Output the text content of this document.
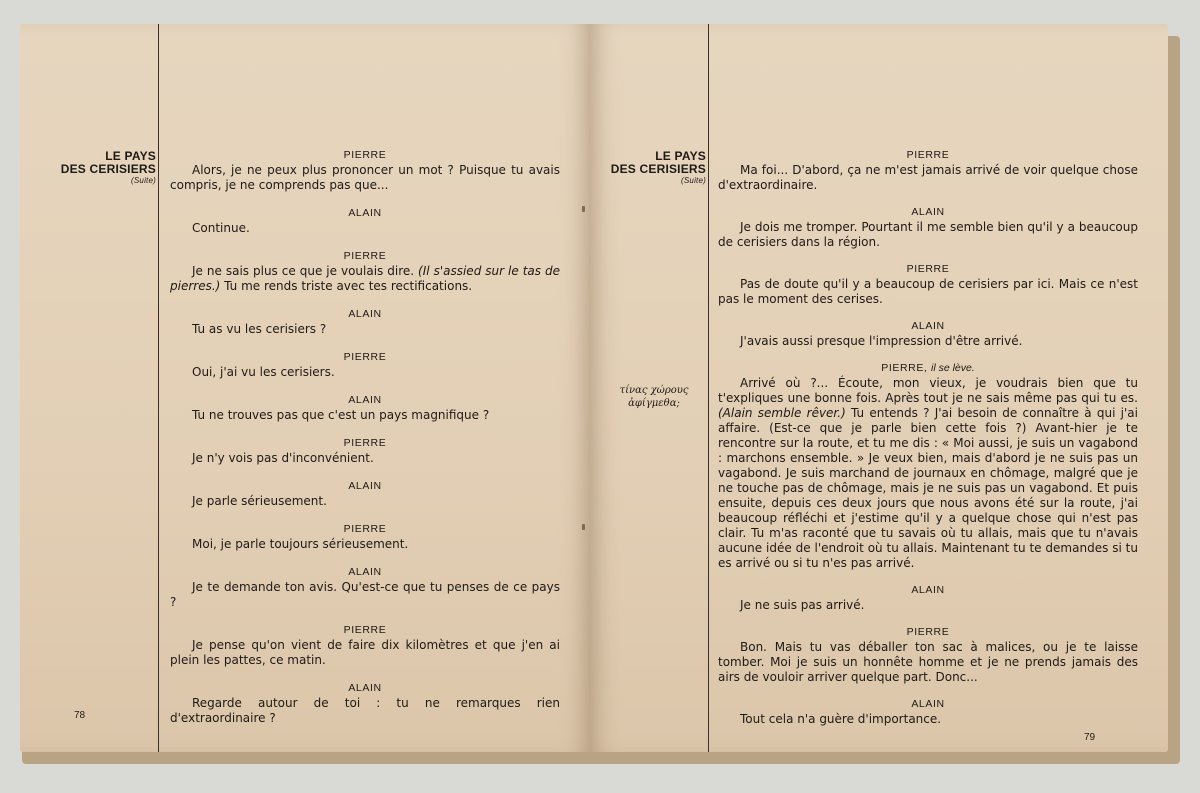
LE PAYS
DES CERISIERS
(Suite)
PIERRE
Alors, je ne peux plus prononcer un mot ? Puisque tu avais compris, je ne comprends pas que...
ALAIN
Continue.
PIERRE
Je ne sais plus ce que je voulais dire. (Il s'assied sur le tas de pierres.) Tu me rends triste avec tes rectifications.
ALAIN
Tu as vu les cerisiers ?
PIERRE
Oui, j'ai vu les cerisiers.
ALAIN
Tu ne trouves pas que c'est un pays magnifique ?
PIERRE
Je n'y vois pas d'inconvénient.
ALAIN
Je parle sérieusement.
PIERRE
Moi, je parle toujours sérieusement.
ALAIN
Je te demande ton avis. Qu'est-ce que tu penses de ce pays ?
PIERRE
Je pense qu'on vient de faire dix kilomètres et que j'en ai plein les pattes, ce matin.
ALAIN
Regarde autour de toi : tu ne remarques rien d'extraordinaire ?
78
LE PAYS
DES CERISIERS
(Suite)
τίνας χώρους ἀφίγμεθα;
PIERRE
Ma foi... D'abord, ça ne m'est jamais arrivé de voir quelque chose d'extraordinaire.
ALAIN
Je dois me tromper. Pourtant il me semble bien qu'il y a beaucoup de cerisiers dans la région.
PIERRE
Pas de doute qu'il y a beaucoup de cerisiers par ici. Mais ce n'est pas le moment des cerises.
ALAIN
J'avais aussi presque l'impression d'être arrivé.
PIERRE, il se lève.
Arrivé où ?... Écoute, mon vieux, je voudrais bien que tu t'expliques une bonne fois. Après tout je ne sais même pas qui tu es. (Alain semble rêver.) Tu entends ? J'ai besoin de connaître à qui j'ai affaire. (Est-ce que je parle bien cette fois ?) Avant-hier je te rencontre sur la route, et tu me dis : « Moi aussi, je suis un vagabond : marchons ensemble. » Je veux bien, mais d'abord je ne suis pas un vagabond. Je suis marchand de journaux en chômage, malgré que je ne touche pas de chômage, mais je ne suis pas un vagabond. Et puis ensuite, depuis ces deux jours que nous avons été sur la route, j'ai beaucoup réfléchi et j'estime qu'il y a quelque chose qui n'est pas clair. Tu m'as raconté que tu savais où tu allais, mais que tu n'avais aucune idée de l'endroit où tu allais. Maintenant tu te demandes si tu es arrivé ou si tu n'es pas arrivé.
ALAIN
Je ne suis pas arrivé.
PIERRE
Bon. Mais tu vas déballer ton sac à malices, ou je te laisse tomber. Moi je suis un honnête homme et je ne prends jamais des airs de vouloir arriver quelque part. Donc...
ALAIN
Tout cela n'a guère d'importance.
79
